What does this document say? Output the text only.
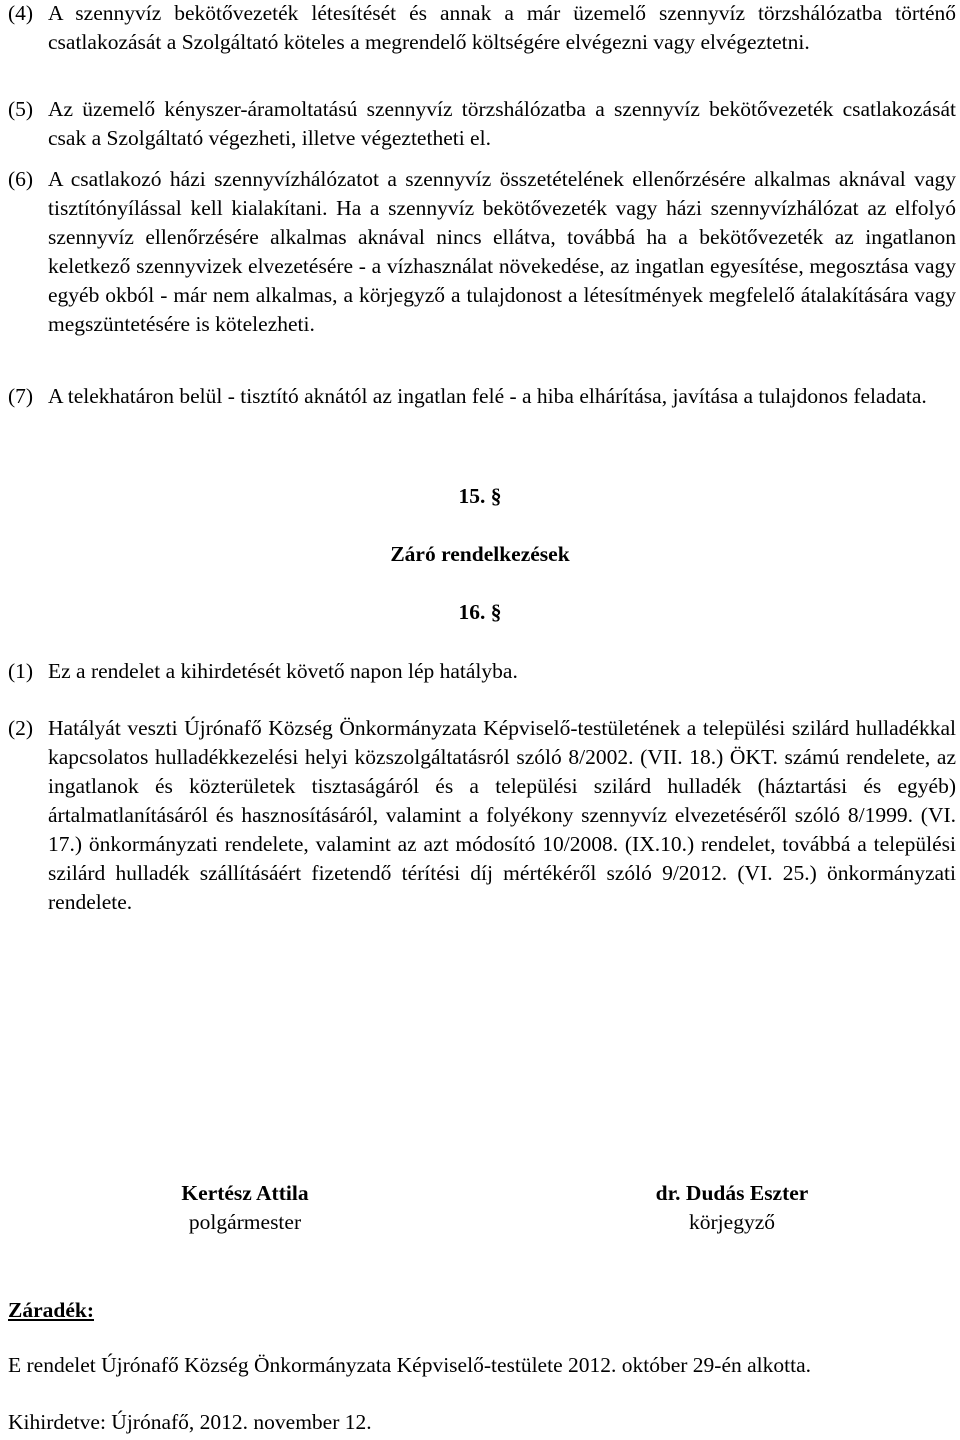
(4) A szennyvíz bekötővezeték létesítését és annak a már üzemelő szennyvíz törzshálózatba történő csatlakozását a Szolgáltató köteles a megrendelő költségére elvégezni vagy elvégeztetni.
(5) Az üzemelő kényszer-áramoltatású szennyvíz törzshálózatba a szennyvíz bekötővezeték csatlakozását csak a Szolgáltató végezheti, illetve végeztetheti el.
(6) A csatlakozó házi szennyvízhálózatot a szennyvíz összetételének ellenőrzésére alkalmas aknával vagy tisztítónyílással kell kialakítani. Ha a szennyvíz bekötővezeték vagy házi szennyvízhálózat az elfolyó szennyvíz ellenőrzésére alkalmas aknával nincs ellátva, továbbá ha a bekötővezeték az ingatlanon keletkező szennyvizek elvezetésére - a vízhasználat növekedése, az ingatlan egyesítése, megosztása vagy egyéb okból - már nem alkalmas, a körjegyző a tulajdonost a létesítmények megfelelő átalakítására vagy megszüntetésére is kötelezheti.
(7) A telekhatáron belül - tisztító aknától az ingatlan felé - a hiba elhárítása, javítása a tulajdonos feladata.
15. §
Záró rendelkezések
16. §
(1) Ez a rendelet a kihirdetését követő napon lép hatályba.
(2) Hatályát veszti Újrónafő Község Önkormányzata Képviselő-testületének a települési szilárd hulladékkal kapcsolatos hulladékkezelési helyi közszolgáltatásról szóló 8/2002. (VII. 18.) ÖKT. számú rendelete, az ingatlanok és közterületek tisztaságáról és a települési szilárd hulladék (háztartási és egyéb) ártalmatlanításáról és hasznosításáról, valamint a folyékony szennyvíz elvezetéséről szóló 8/1999. (VI. 17.) önkormányzati rendelete, valamint az azt módosító 10/2008. (IX.10.) rendelet, továbbá a települési szilárd hulladék szállításáért fizetendő térítési díj mértékéről szóló 9/2012. (VI. 25.) önkormányzati rendelete.
Kertész Attila
polgármester
dr. Dudás Eszter
körjegyző
Záradék:
E rendelet Újrónafő Község Önkormányzata Képviselő-testülete 2012. október 29-én alkotta.
Kihirdetve: Újrónafő, 2012. november 12.
